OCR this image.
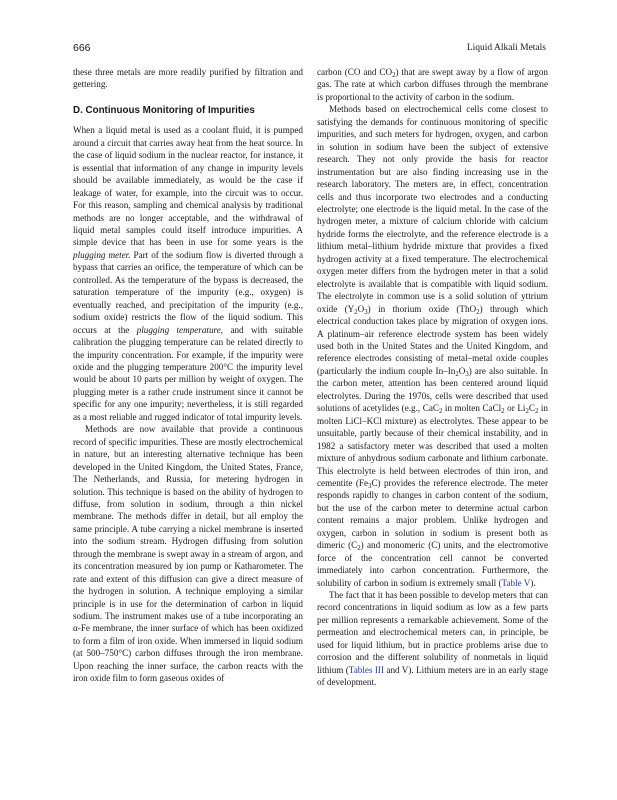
666	Liquid Alkali Metals

these three metals are more readily purified by filtration and gettering.

D. Continuous Monitoring of Impurities

When a liquid metal is used as a coolant fluid, it is pumped around a circuit that carries away heat from the heat source. In the case of liquid sodium in the nuclear reactor, for instance, it is essential that information of any change in impurity levels should be available immediately, as would be the case if leakage of water, for example, into the circuit was to occur. For this reason, sampling and chemical analysis by traditional methods are no longer acceptable, and the withdrawal of liquid metal samples could itself introduce impurities. A simple device that has been in use for some years is the plugging meter. Part of the sodium flow is diverted through a bypass that carries an orifice, the temperature of which can be controlled. As the temperature of the bypass is decreased, the saturation temperature of the impurity (e.g., oxygen) is eventually reached, and precipitation of the impurity (e.g., sodium oxide) restricts the flow of the liquid sodium. This occurs at the plugging temperature, and with suitable calibration the plugging temperature can be related directly to the impurity concentration. For example, if the impurity were oxide and the plugging temperature 200°C the impurity level would be about 10 parts per million by weight of oxygen. The plugging meter is a rather crude instrument since it cannot be specific for any one impurity; nevertheless, it is still regarded as a most reliable and rugged indicator of total impurity levels.

Methods are now available that provide a continuous record of specific impurities. These are mostly electrochemical in nature, but an interesting alternative technique has been developed in the United Kingdom, the United States, France, The Netherlands, and Russia, for metering hydrogen in solution. This technique is based on the ability of hydrogen to diffuse, from solution in sodium, through a thin nickel membrane. The methods differ in detail, but all employ the same principle. A tube carrying a nickel membrane is inserted into the sodium stream. Hydrogen diffusing from solution through the membrane is swept away in a stream of argon, and its concentration measured by ion pump or Katharometer. The rate and extent of this diffusion can give a direct measure of the hydrogen in solution. A technique employing a similar principle is in use for the determination of carbon in liquid sodium. The instrument makes use of a tube incorporating an α-Fe membrane, the inner surface of which has been oxidized to form a film of iron oxide. When immersed in liquid sodium (at 500–750°C) carbon diffuses through the iron membrane. Upon reaching the inner surface, the carbon reacts with the iron oxide film to form gaseous oxides of

carbon (CO and $CO_2$) that are swept away by a flow of argon gas. The rate at which carbon diffuses through the membrane is proportional to the activity of carbon in the sodium.

Methods based on electrochemical cells come closest to satisfying the demands for continuous monitoring of specific impurities, and such meters for hydrogen, oxygen, and carbon in solution in sodium have been the subject of extensive research. They not only provide the basis for reactor instrumentation but are also finding increasing use in the research laboratory. The meters are, in effect, concentration cells and thus incorporate two electrodes and a conducting electrolyte; one electrode is the liquid metal. In the case of the hydrogen meter, a mixture of calcium chloride with calcium hydride forms the electrolyte, and the reference electrode is a lithium metal–lithium hydride mixture that provides a fixed hydrogen activity at a fixed temperature. The electrochemical oxygen meter differs from the hydrogen meter in that a solid electrolyte is available that is compatible with liquid sodium. The electrolyte in common use is a solid solution of yttrium oxide $(Y_2O_3)$ in thorium oxide (ThO$_2$) through which electrical conduction takes place by migration of oxygen ions. A platinum–air reference electrode system has been widely used both in the United States and the United Kingdom, and reference electrodes consisting of metal–metal oxide couples (particularly the indium couple $In-In_2O_3$) are also suitable. In the carbon meter, attention has been centered around liquid electrolytes. During the 1970s, cells were described that used solutions of acetylides (e.g., CaC$_2$ in molten CaCl$_2$ or $Li_2C_2$ in molten LiCl–KCl mixture) as electrolytes. These appear to be unsuitable, partly because of their chemical instability, and in 1982 a satisfactory meter was described that used a molten mixture of anhydrous sodium carbonate and lithium carbonate. This electrolyte is held between electrodes of thin iron, and cementite $(Fe_3C)$ provides the reference electrode. The meter responds rapidly to changes in carbon content of the sodium, but the use of the carbon meter to determine actual carbon content remains a major problem. Unlike hydrogen and oxygen, carbon in solution in sodium is present both as dimeric $(C_2)$ and monomeric (C) units, and the electromotive force of the concentration cell cannot be converted immediately into carbon concentration. Furthermore, the solubility of carbon in sodium is extremely small (Table V).

The fact that it has been possible to develop meters that can record concentrations in liquid sodium as low as a few parts per million represents a remarkable achievement. Some of the permeation and electrochemical meters can, in principle, be used for liquid lithium, but in practice problems arise due to corrosion and the different solubility of nonmetals in liquid lithium (Tables III and V). Lithium meters are in an early stage of development.
